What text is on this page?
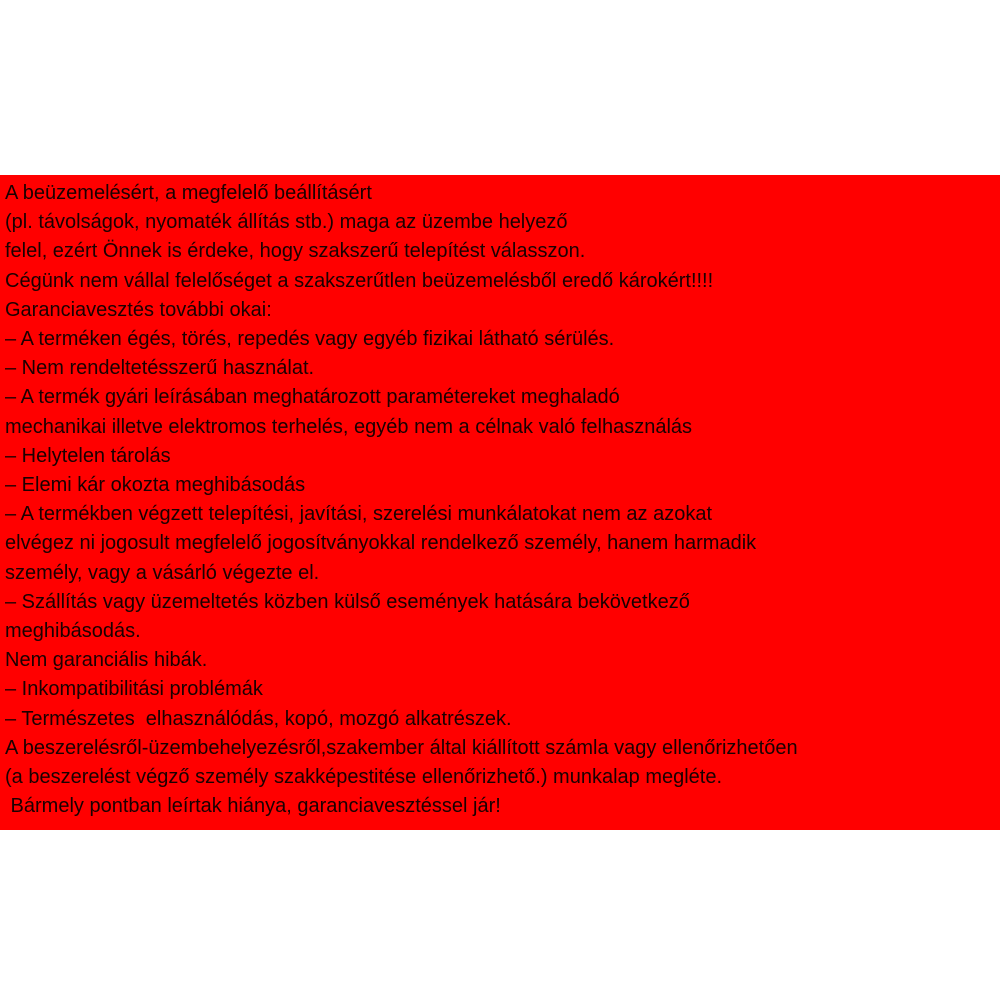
A beüzemelésért, a megfelelő beállításért
(pl. távolságok, nyomaték állítás stb.) maga az üzembe helyező
felel, ezért Önnek is érdeke, hogy szakszerű telepítést válasszon.
Cégünk nem vállal felelőséget a szakszerűtlen beüzemelésből eredő károkért!!!!
Garanciavesztés további okai:
– A terméken égés, törés, repedés vagy egyéb fizikai látható sérülés.
– Nem rendeltetésszerű használat.
– A termék gyári leírásában meghatározott paramétereket meghaladó
mechanikai illetve elektromos terhelés, egyéb nem a célnak való felhasználás
– Helytelen tárolás
– Elemi kár okozta meghibásodás
– A termékben végzett telepítési, javítási, szerelési munkálatokat nem az azokat
elvégez ni jogosult megfelelő jogosítványokkal rendelkező személy, hanem harmadik
személy, vagy a vásárló végezte el.
– Szállítás vagy üzemeltetés közben külső események hatására bekövetkező
meghibásodás.
Nem garanciális hibák.
– Inkompatibilitási problémák
– Természetes  elhasználódás, kopó, mozgó alkatrészek.
A beszerelésről-üzembehelyezésről,szakember által kiállított számla vagy ellenőrizhetően
(a beszerelést végző személy szakképestitése ellenőrizhető.) munkalap megléte.
Bármely pontban leírtak hiánya, garanciavesztéssel jár!
